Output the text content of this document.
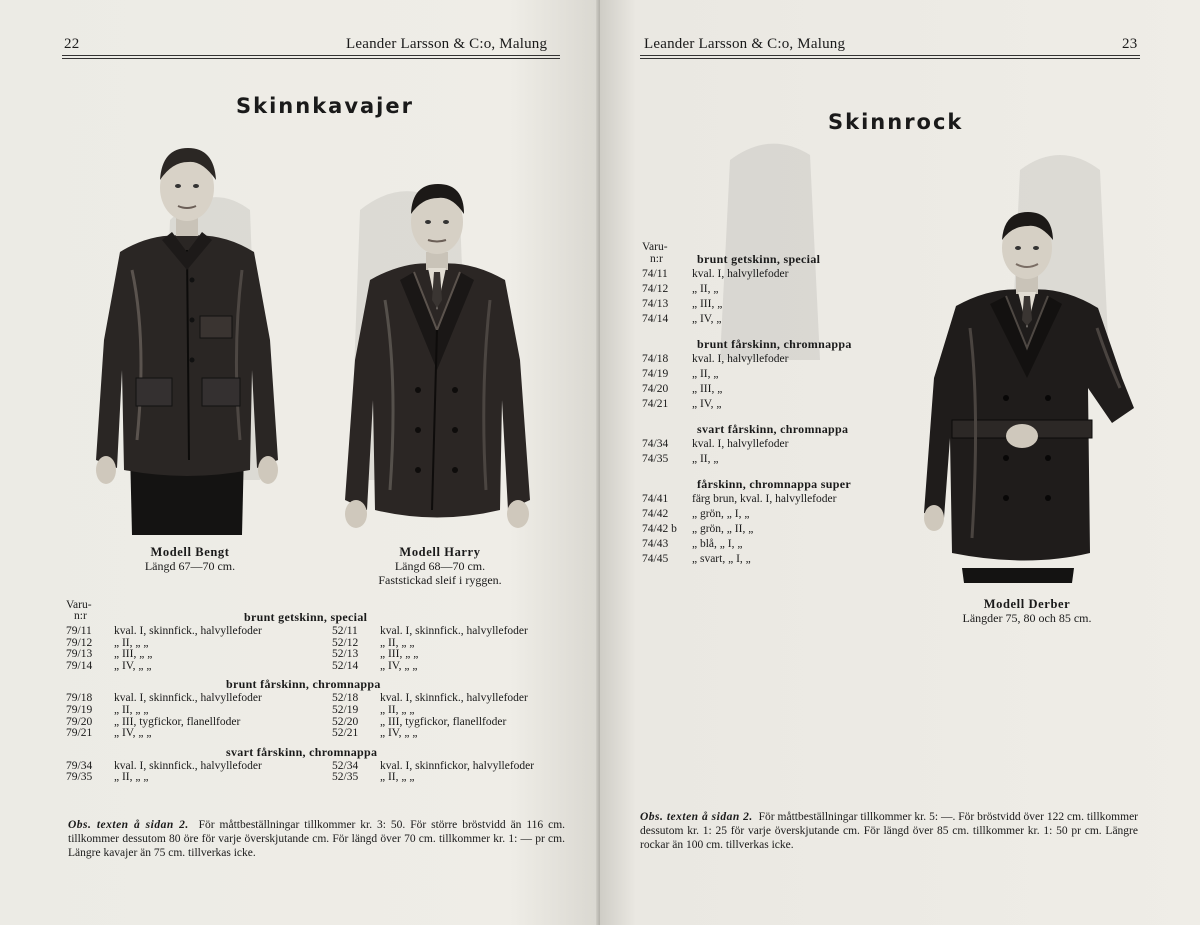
22	Leander Larsson & C:o, Malung
Skinnkavajer
Modell Bengt
Längd 67—70 cm.
Modell Harry
Längd 68—70 cm.
Faststickad sleif i ryggen.
Varu-
n:r	brunt getskinn, special
79/11 kval. I, skinnfick., halvyllefoder	52/11 kval. I, skinnfick., halvyllefoder
79/12 „ II, „ „	52/12 „ II, „ „
79/13 „ III, „ „	52/13 „ III, „ „
79/14 „ IV, „ „	52/14 „ IV, „ „
brunt fårskinn, chromnappa
79/18 kval. I, skinnfick., halvyllefoder	52/18 kval. I, skinnfick., halvyllefoder
79/19 „ II, „ „	52/19 „ II, „ „
79/20 „ III, tygfickor, flanellfoder	52/20 „ III, tygfickor, flanellfoder
79/21 „ IV, „ „	52/21 „ IV, „ „
svart fårskinn, chromnappa
79/34 kval. I, skinnfick., halvyllefoder	52/34 kval. I, skinnfickor, halvyllefoder
79/35 „ II, „ „	52/35 „ II, „ „
Obs. texten å sidan 2. För måttbeställningar tillkommer kr. 3: 50. För större bröstvidd än 116 cm. tillkommer dessutom 80 öre för varje överskjutande cm. För längd över 70 cm. tillkommer kr. 1: — pr cm. Längre kavajer än 75 cm. tillverkas icke.
Leander Larsson & C:o, Malung	23
Skinnrock
Varu-
n:r	brunt getskinn, special
74/11 kval. I, halvyllefoder
74/12 „ II, „
74/13 „ III, „
74/14 „ IV, „
brunt fårskinn, chromnappa
74/18 kval. I, halvyllefoder
74/19 „ II, „
74/20 „ III, „
74/21 „ IV, „
svart fårskinn, chromnappa
74/34 kval. I, halvyllefoder
74/35 „ II, „
fårskinn, chromnappa super
74/41 färg brun, kval. I, halvyllefoder
74/42 „ grön, „ I, „
74/42 b „ grön, „ II, „
74/43 „ blå, „ I, „
74/45 „ svart, „ I, „
Modell Derber
Längder 75, 80 och 85 cm.
Obs. texten å sidan 2. För måttbeställningar tillkommer kr. 5: —. För bröstvidd över 122 cm. tillkommer dessutom kr. 1: 25 för varje överskjutande cm. För längd över 85 cm. tillkommer kr. 1: 50 pr cm. Längre rockar än 100 cm. tillverkas icke.
